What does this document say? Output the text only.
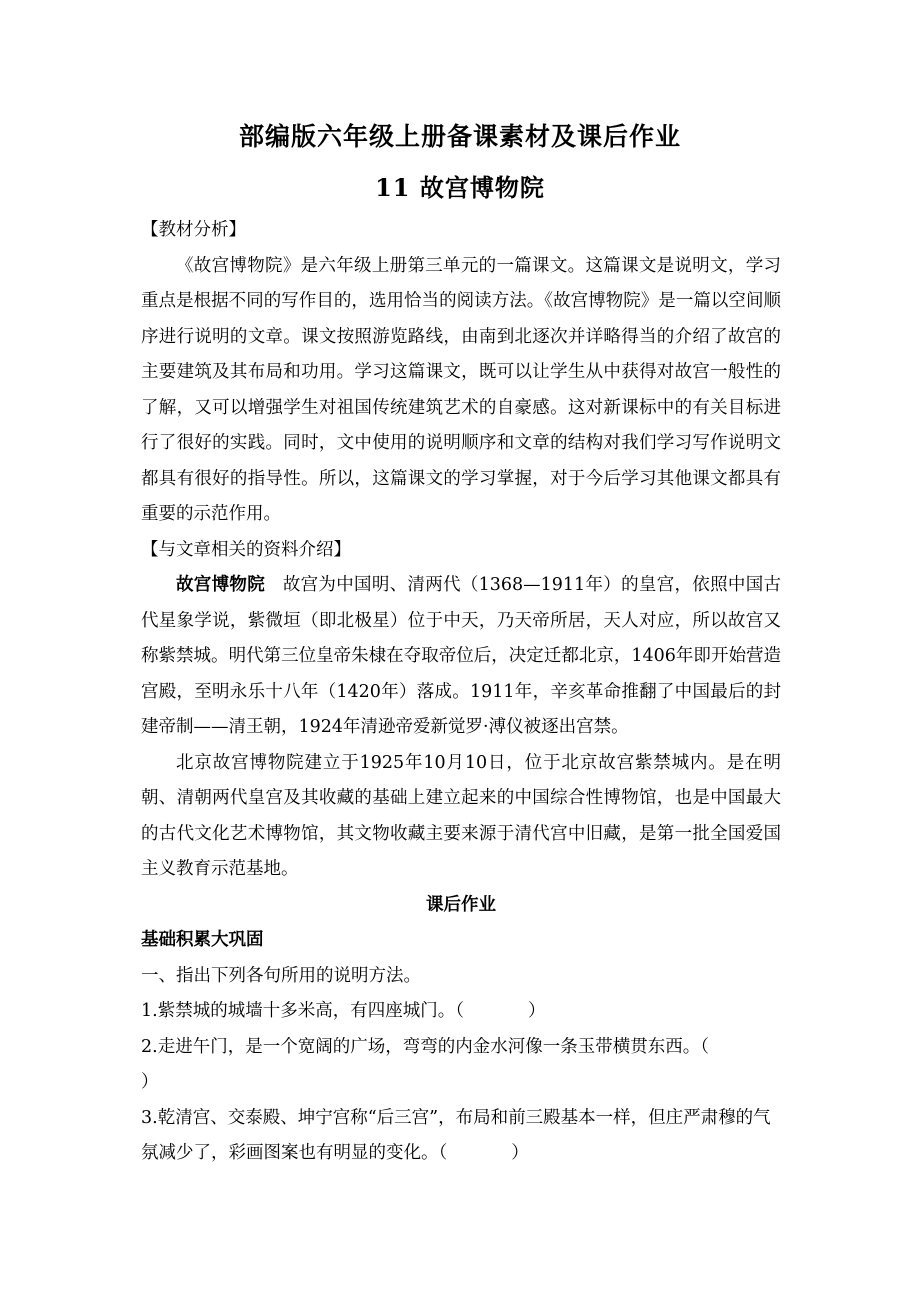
部编版六年级上册备课素材及课后作业
11 故宫博物院

【教材分析】

《故宫博物院》是六年级上册第三单元的一篇课文。这篇课文是说明文，学习重点是根据不同的写作目的，选用恰当的阅读方法。《故宫博物院》是一篇以空间顺序进行说明的文章。课文按照游览路线，由南到北逐次并详略得当的介绍了故宫的主要建筑及其布局和功用。学习这篇课文，既可以让学生从中获得对故宫一般性的了解，又可以增强学生对祖国传统建筑艺术的自豪感。这对新课标中的有关目标进行了很好的实践。同时，文中使用的说明顺序和文章的结构对我们学习写作说明文都具有很好的指导性。所以，这篇课文的学习掌握，对于今后学习其他课文都具有重要的示范作用。

【与文章相关的资料介绍】

故宫博物院　故宫为中国明、清两代（1368—1911年）的皇宫，依照中国古代星象学说，紫微垣（即北极星）位于中天，乃天帝所居，天人对应，所以故宫又称紫禁城。明代第三位皇帝朱棣在夺取帝位后，决定迁都北京，1406年即开始营造宫殿，至明永乐十八年（1420年）落成。1911年，辛亥革命推翻了中国最后的封建帝制——清王朝，1924年清逊帝爱新觉罗·溥仪被逐出宫禁。

北京故宫博物院建立于1925年10月10日，位于北京故宫紫禁城内。是在明朝、清朝两代皇宫及其收藏的基础上建立起来的中国综合性博物馆，也是中国最大的古代文化艺术博物馆，其文物收藏主要来源于清代宫中旧藏，是第一批全国爱国主义教育示范基地。

课后作业

基础积累大巩固

一、指出下列各句所用的说明方法。

1.紫禁城的城墙十多米高，有四座城门。（	）

2.走进午门，是一个宽阔的广场，弯弯的内金水河像一条玉带横贯东西。（）

3.乾清宫、交泰殿、坤宁宫称“后三宫”，布局和前三殿基本一样，但庄严肃穆的气氛减少了，彩画图案也有明显的变化。（	）
